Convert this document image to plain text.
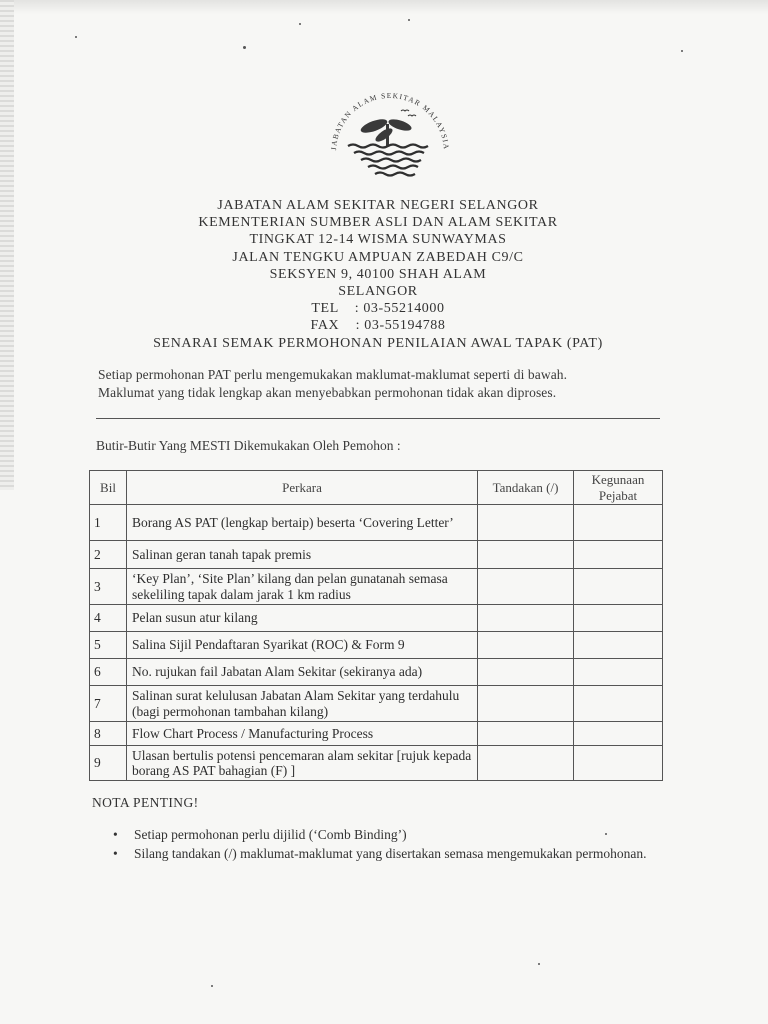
JABATAN ALAM SEKITAR MALAYSIA
JABATAN ALAM SEKITAR NEGERI SELANGOR
KEMENTERIAN SUMBER ASLI DAN ALAM SEKITAR
TINGKAT 12-14 WISMA SUNWAYMAS
JALAN TENGKU AMPUAN ZABEDAH C9/C
SEKSYEN 9, 40100 SHAH ALAM
SELANGOR
TEL    : 03-55214000
FAX    : 03-55194788
SENARAI SEMAK PERMOHONAN PENILAIAN AWAL TAPAK (PAT)
Setiap permohonan PAT perlu mengemukakan maklumat-maklumat seperti di bawah.
Maklumat yang tidak lengkap akan menyebabkan permohonan tidak akan diproses.
Butir-Butir Yang MESTI Dikemukakan Oleh Pemohon :
Bil	Perkara	Tandakan (/)	Kegunaan Pejabat
1	Borang AS PAT (lengkap bertaip) beserta ‘Covering Letter’		
2	Salinan geran tanah tapak premis		
3	‘Key Plan’, ‘Site Plan’ kilang dan pelan gunatanah semasa sekeliling tapak dalam jarak 1 km radius		
4	Pelan susun atur kilang		
5	Salina Sijil Pendaftaran Syarikat (ROC) & Form 9		
6	No. rujukan fail Jabatan Alam Sekitar (sekiranya ada)		
7	Salinan surat kelulusan Jabatan Alam Sekitar yang terdahulu (bagi permohonan tambahan kilang)		
8	Flow Chart Process / Manufacturing Process		
9	Ulasan bertulis potensi pencemaran alam sekitar [rujuk kepada borang AS PAT bahagian (F) ]		
NOTA PENTING!
• Setiap permohonan perlu dijilid (‘Comb Binding’)
• Silang tandakan (/) maklumat-maklumat yang disertakan semasa mengemukakan permohonan.
